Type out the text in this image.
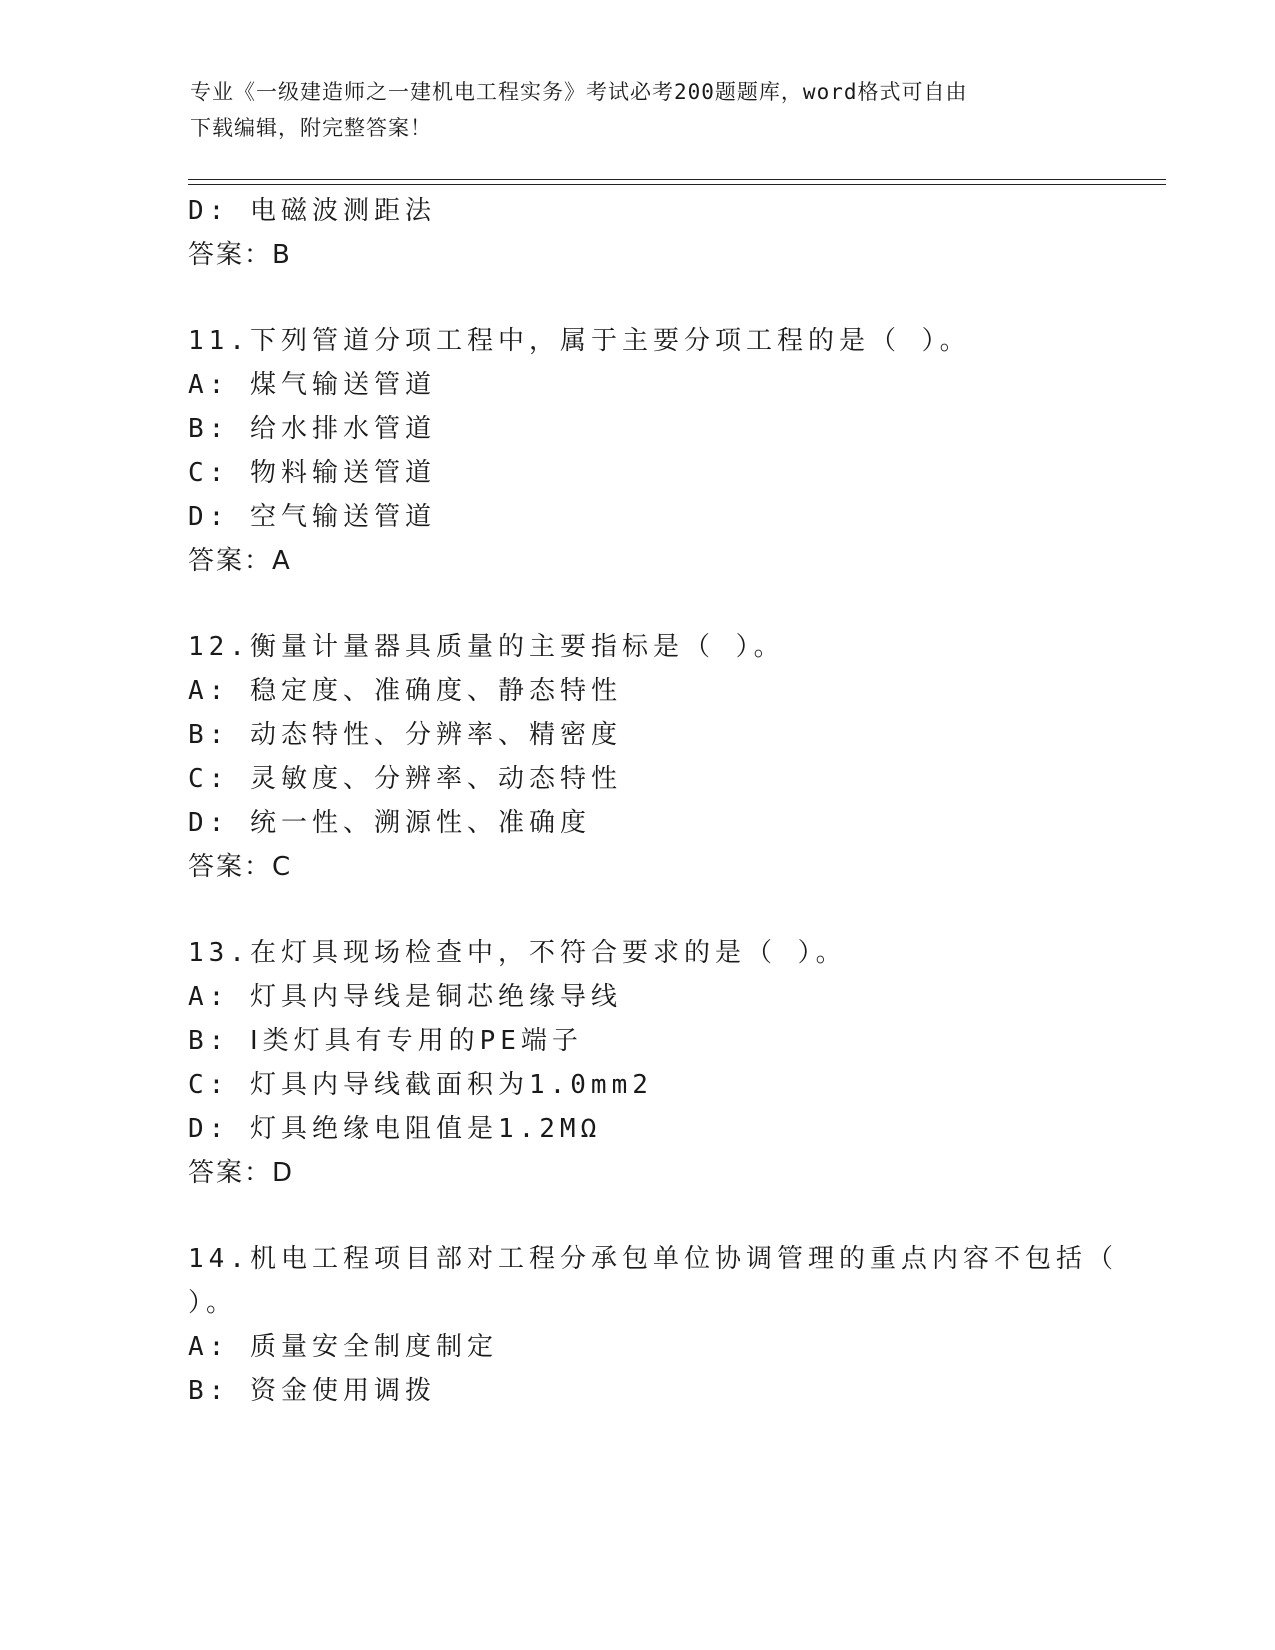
专业《一级建造师之一建机电工程实务》考试必考200题题库，word格式可自由
下载编辑，附完整答案！
D: 电磁波测距法
答案：B
11.下列管道分项工程中，属于主要分项工程的是（ ）。
A: 煤气输送管道
B: 给水排水管道
C: 物料输送管道
D: 空气输送管道
答案：A
12.衡量计量器具质量的主要指标是（ ）。
A: 稳定度、准确度、静态特性
B: 动态特性、分辨率、精密度
C: 灵敏度、分辨率、动态特性
D: 统一性、溯源性、准确度
答案：C
13.在灯具现场检查中，不符合要求的是（ ）。
A: 灯具内导线是铜芯绝缘导线
B: Ⅰ类灯具有专用的PE端子
C: 灯具内导线截面积为1.0mm2
D: 灯具绝缘电阻值是1.2MΩ
答案：D
14.机电工程项目部对工程分承包单位协调管理的重点内容不包括（
）。
A: 质量安全制度制定
B: 资金使用调拨
